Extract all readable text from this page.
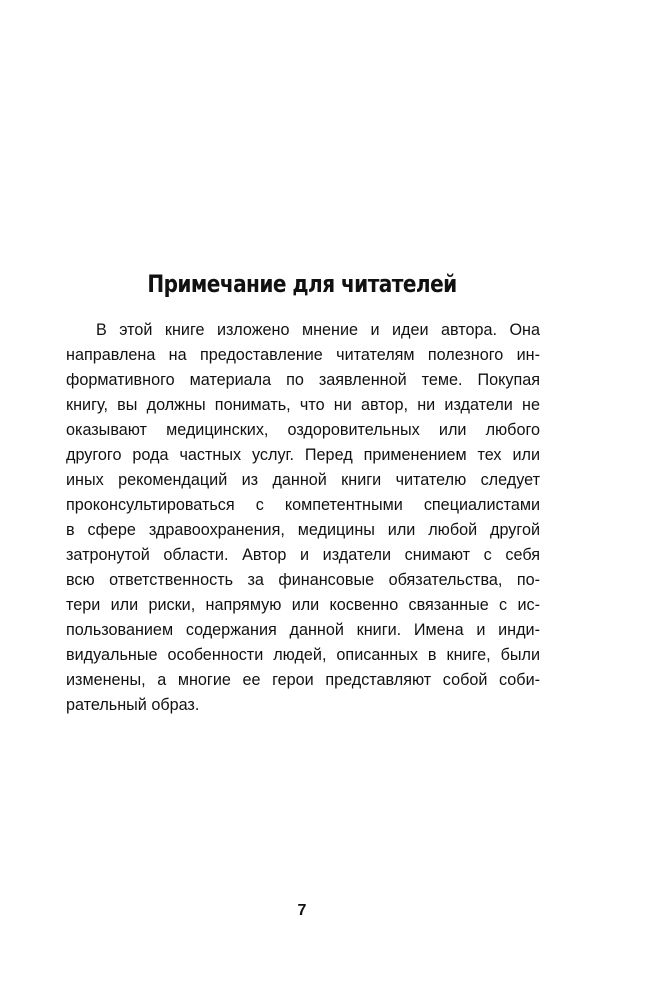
Примечание для читателей
В этой книге изложено мнение и идеи автора. Она
направлена на предоставление читателям полезного ин-
формативного материала по заявленной теме. Покупая
книгу, вы должны понимать, что ни автор, ни издатели не
оказывают медицинских, оздоровительных или любого
другого рода частных услуг. Перед применением тех или
иных рекомендаций из данной книги читателю следует
проконсультироваться с компетентными специалистами
в сфере здравоохранения, медицины или любой другой
затронутой области. Автор и издатели снимают с себя
всю ответственность за финансовые обязательства, по-
тери или риски, напрямую или косвенно связанные с ис-
пользованием содержания данной книги. Имена и инди-
видуальные особенности людей, описанных в книге, были
изменены, а многие ее герои представляют собой соби-
рательный образ.
7
